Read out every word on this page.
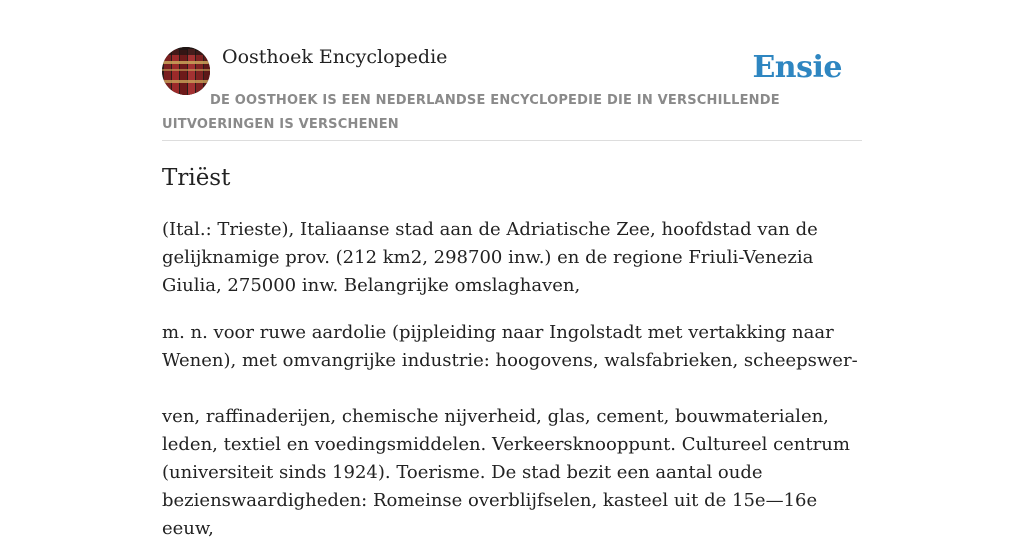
Oosthoek Encyclopedie	Ensie
DE OOSTHOEK IS EEN NEDERLANDSE ENCYCLOPEDIE DIE IN VERSCHILLENDE UITVOERINGEN IS VERSCHENEN
Triëst

(Ital.: Trieste), Italiaanse stad aan de Adriatische Zee, hoofdstad van de gelijknamige prov. (212 km2, 298700 inw.) en de regione Friuli-Venezia Giulia, 275000 inw. Belangrijke omslaghaven,

m. n. voor ruwe aardolie (pijpleiding naar Ingolstadt met vertakking naar Wenen), met omvangrijke industrie: hoogovens, walsfabrieken, scheepswer-

ven, raffinaderijen, chemische nijverheid, glas, cement, bouwmaterialen, leden, textiel en voedingsmiddelen. Verkeersknooppunt. Cultureel centrum (universiteit sinds 1924). Toerisme. De stad bezit een aantal oude bezienswaardigheden: Romeinse overblijfselen, kasteel uit de 15e—16e eeuw,
